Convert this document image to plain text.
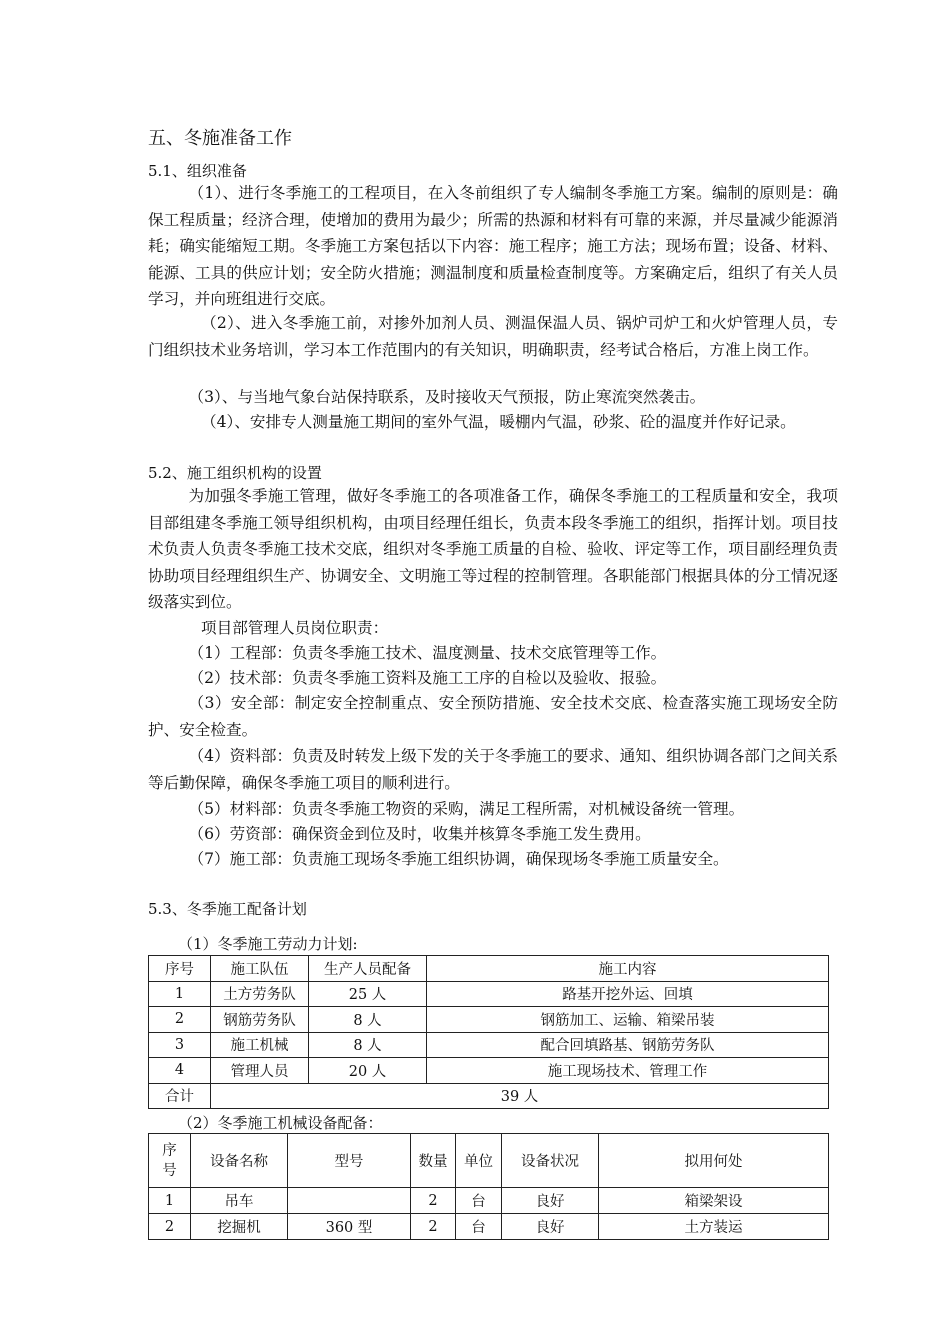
五、冬施准备工作
5.1、组织准备

（1）、进行冬季施工的工程项目，在入冬前组织了专人编制冬季施工方案。编制的原则是：确保工程质量；经济合理，使增加的费用为最少；所需的热源和材料有可靠的来源，并尽量减少能源消耗；确实能缩短工期。冬季施工方案包括以下内容：施工程序；施工方法；现场布置；设备、材料、能源、工具的供应计划；安全防火措施；测温制度和质量检查制度等。方案确定后，组织了有关人员学习，并向班组进行交底。

（2）、进入冬季施工前，对掺外加剂人员、测温保温人员、锅炉司炉工和火炉管理人员，专门组织技术业务培训，学习本工作范围内的有关知识，明确职责，经考试合格后，方准上岗工作。

（3）、与当地气象台站保持联系，及时接收天气预报，防止寒流突然袭击。

（4）、安排专人测量施工期间的室外气温，暖棚内气温，砂浆、砼的温度并作好记录。

5.2、施工组织机构的设置

为加强冬季施工管理，做好冬季施工的各项准备工作，确保冬季施工的工程质量和安全，我项目部组建冬季施工领导组织机构，由项目经理任组长，负责本段冬季施工的组织，指挥计划。项目技术负责人负责冬季施工技术交底，组织对冬季施工质量的自检、验收、评定等工作，项目副经理负责协助项目经理组织生产、协调安全、文明施工等过程的控制管理。各职能部门根据具体的分工情况逐级落实到位。

项目部管理人员岗位职责：

（1）工程部：负责冬季施工技术、温度测量、技术交底管理等工作。

（2）技术部：负责冬季施工资料及施工工序的自检以及验收、报验。

（3）安全部：制定安全控制重点、安全预防措施、安全技术交底、检查落实施工现场安全防护、安全检查。

（4）资料部：负责及时转发上级下发的关于冬季施工的要求、通知、组织协调各部门之间关系等后勤保障，确保冬季施工项目的顺利进行。

（5）材料部：负责冬季施工物资的采购，满足工程所需，对机械设备统一管理。

（6）劳资部：确保资金到位及时，收集并核算冬季施工发生费用。

（7）施工部：负责施工现场冬季施工组织协调，确保现场冬季施工质量安全。

5.3、冬季施工配备计划
（1）冬季施工劳动力计划:
序号	施工队伍	生产人员配备	施工内容
1	土方劳务队	25 人	路基开挖外运、回填
2	钢筋劳务队	8 人	钢筋加工、运输、箱梁吊装
3	施工机械	8 人	配合回填路基、钢筋劳务队
4	管理人员	20 人	施工现场技术、管理工作
合计	39 人		
（2）冬季施工机械设备配备：
序号	设备名称	型号	数量	单位	设备状况	拟用何处
1	吊车		2	台	良好	箱梁架设
2	挖掘机	360 型	2	台	良好	土方装运
